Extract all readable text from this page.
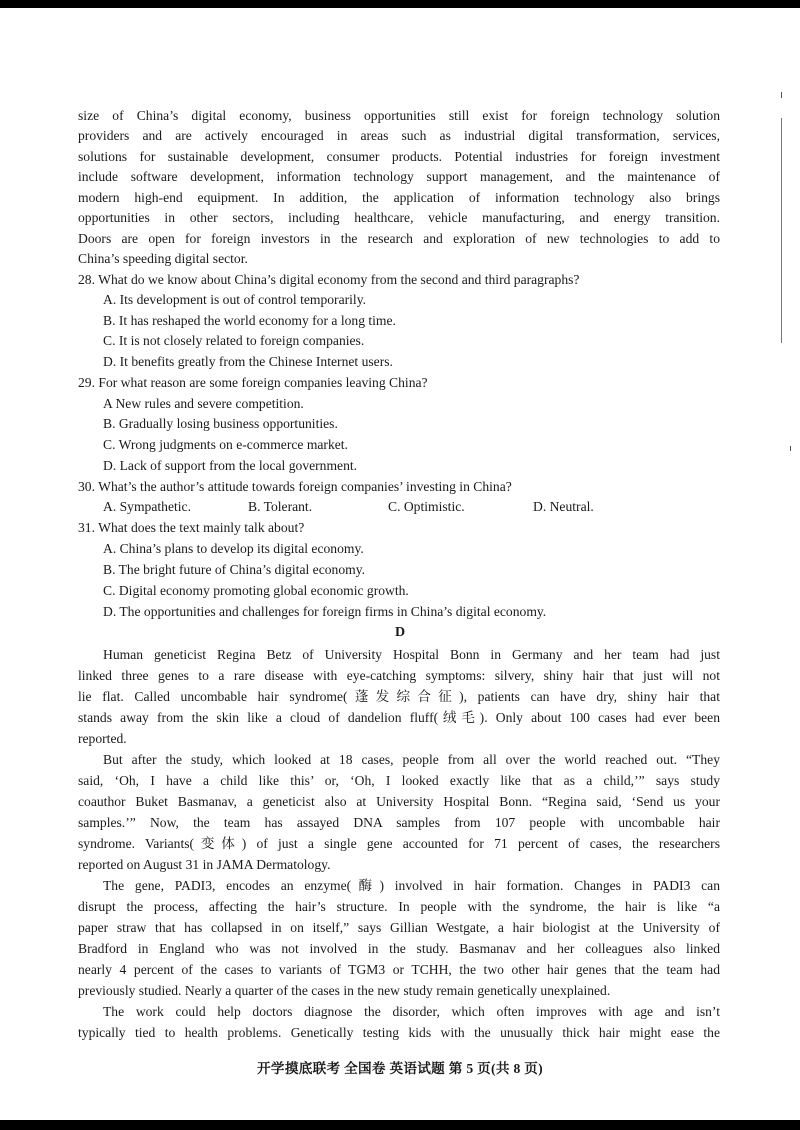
size of China’s digital economy, business opportunities still exist for foreign technology solution
providers and are actively encouraged in areas such as industrial digital transformation, services,
solutions for sustainable development, consumer products. Potential industries for foreign investment
include software development, information technology support management, and the maintenance of
modern high-end equipment. In addition, the application of information technology also brings
opportunities in other sectors, including healthcare, vehicle manufacturing, and energy transition.
Doors are open for foreign investors in the research and exploration of new technologies to add to
China’s speeding digital sector.
28. What do we know about China’s digital economy from the second and third paragraphs?
A. Its development is out of control temporarily.
B. It has reshaped the world economy for a long time.
C. It is not closely related to foreign companies.
D. It benefits greatly from the Chinese Internet users.
29. For what reason are some foreign companies leaving China?
A New rules and severe competition.
B. Gradually losing business opportunities.
C. Wrong judgments on e-commerce market.
D. Lack of support from the local government.
30. What’s the author’s attitude towards foreign companies’ investing in China?
A. Sympathetic.	B. Tolerant.	C. Optimistic.	D. Neutral.
31. What does the text mainly talk about?
A. China’s plans to develop its digital economy.
B. The bright future of China’s digital economy.
C. Digital economy promoting global economic growth.
D. The opportunities and challenges for foreign firms in China’s digital economy.
D
Human geneticist Regina Betz of University Hospital Bonn in Germany and her team had just
linked three genes to a rare disease with eye-catching symptoms: silvery, shiny hair that just will not
lie flat. Called uncombable hair syndrome(蓬发综合征), patients can have dry, shiny hair that
stands away from the skin like a cloud of dandelion fluff(绒毛). Only about 100 cases had ever been
reported.
But after the study, which looked at 18 cases, people from all over the world reached out. “They
said, ‘Oh, I have a child like this’ or, ‘Oh, I looked exactly like that as a child,’” says study
coauthor Buket Basmanav, a geneticist also at University Hospital Bonn. “Regina said, ‘Send us your
samples.’” Now, the team has assayed DNA samples from 107 people with uncombable hair
syndrome. Variants(变体) of just a single gene accounted for 71 percent of cases, the researchers
reported on August 31 in JAMA Dermatology.
The gene, PADI3, encodes an enzyme(酶) involved in hair formation. Changes in PADI3 can
disrupt the process, affecting the hair’s structure. In people with the syndrome, the hair is like “a
paper straw that has collapsed in on itself,” says Gillian Westgate, a hair biologist at the University of
Bradford in England who was not involved in the study. Basmanav and her colleagues also linked
nearly 4 percent of the cases to variants of TGM3 or TCHH, the two other hair genes that the team had
previously studied. Nearly a quarter of the cases in the new study remain genetically unexplained.
The work could help doctors diagnose the disorder, which often improves with age and isn’t
typically tied to health problems. Genetically testing kids with the unusually thick hair might ease the
开学摸底联考 全国卷 英语试题 第 5 页(共 8 页)
